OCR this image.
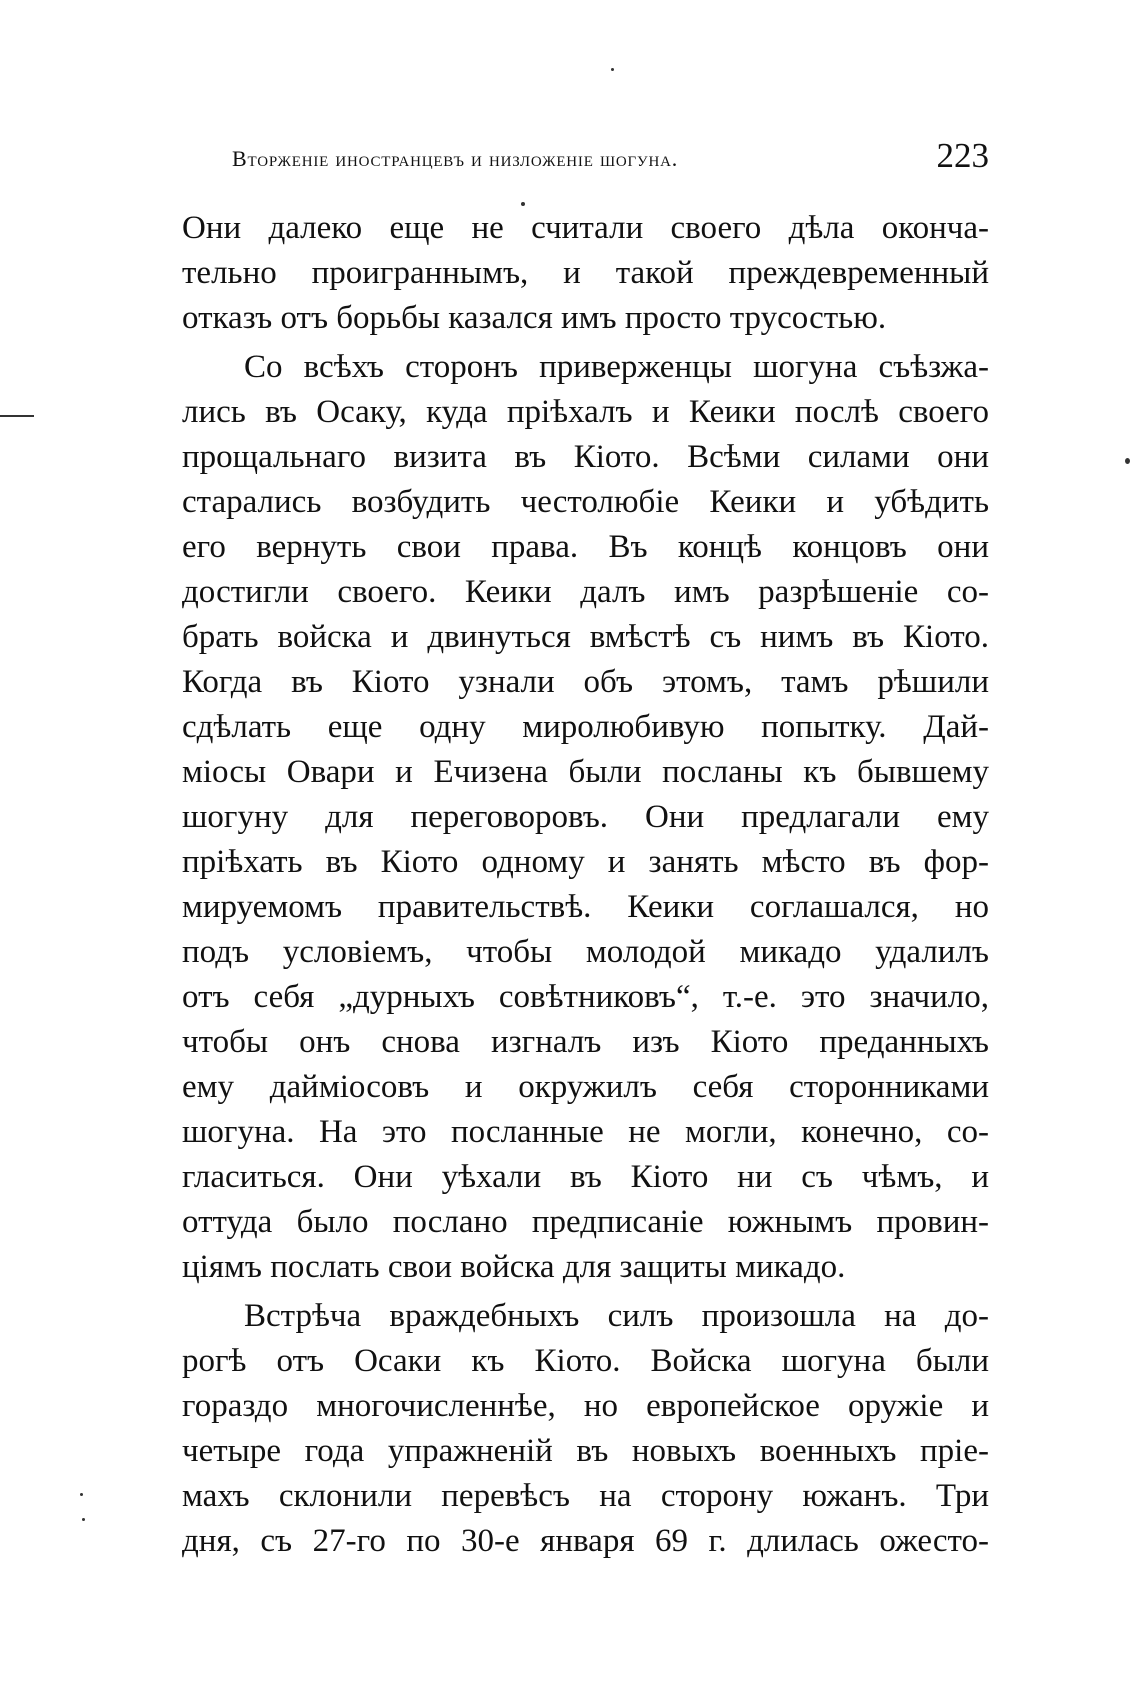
Вторженіе иностранцевъ и низложеніе шогуна.	223
Они далеко еще не считали своего дѣла оконча-
тельно проиграннымъ, и такой преждевременный
отказъ отъ борьбы казался имъ просто трусостью.
Со всѣхъ сторонъ приверженцы шогуна съѣзжа-
лись въ Осаку, куда пріѣхалъ и Кеики послѣ своего
прощальнаго визита въ Кіото. Всѣми силами они
старались возбудить честолюбіе Кеики и убѣдить
его вернуть свои права. Въ концѣ концовъ они
достигли своего. Кеики далъ имъ разрѣшеніе со-
брать войска и двинуться вмѣстѣ съ нимъ въ Кіото.
Когда въ Кіото узнали объ этомъ, тамъ рѣшили
сдѣлать еще одну миролюбивую попытку. Дай-
міосы Овари и Ечизена были посланы къ бывшему
шогуну для переговоровъ. Они предлагали ему
пріѣхать въ Кіото одному и занять мѣсто въ фор-
мируемомъ правительствѣ. Кеики соглашался, но
подъ условіемъ, чтобы молодой микадо удалилъ
отъ себя „дурныхъ совѣтниковъ“, т.-е. это значило,
чтобы онъ снова изгналъ изъ Кіото преданныхъ
ему дайміосовъ и окружилъ себя сторонниками
шогуна. На это посланные не могли, конечно, со-
гласиться. Они уѣхали въ Кіото ни съ чѣмъ, и
оттуда было послано предписаніе южнымъ провин-
ціямъ послать свои войска для защиты микадо.
Встрѣча враждебныхъ силъ произошла на до-
рогѣ отъ Осаки къ Кіото. Войска шогуна были
гораздо многочисленнѣе, но европейское оружіе и
четыре года упражненій въ новыхъ военныхъ пріе-
махъ склонили перевѣсъ на сторону южанъ. Три
дня, съ 27-го по 30-е января 69 г. длилась ожесто-
